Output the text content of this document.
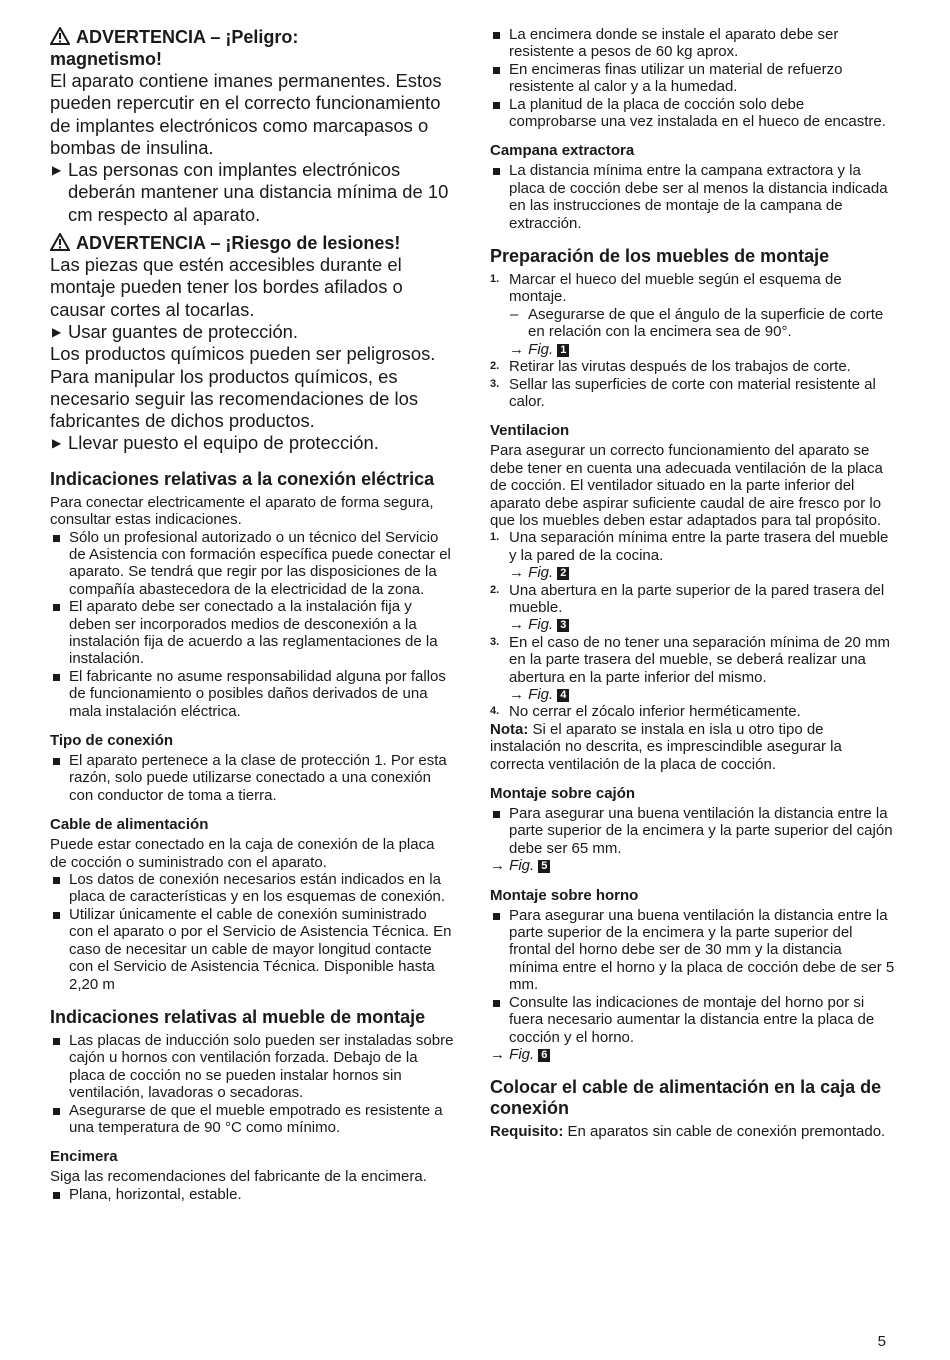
ADVERTENCIA – ¡Peligro:
magnetismo!

El aparato contiene imanes permanentes. Estos pueden repercutir en el correcto funcionamiento de implantes electrónicos como marcapasos o bombas de insulina.

▶ Las personas con implantes electrónicos deberán mantener una distancia mínima de 10 cm respecto al aparato.

ADVERTENCIA – ¡Riesgo de lesiones!

Las piezas que estén accesibles durante el montaje pueden tener los bordes afilados o causar cortes al tocarlas.

▶ Usar guantes de protección.

Los productos químicos pueden ser peligrosos. Para manipular los productos químicos, es necesario seguir las recomendaciones de los fabricantes de dichos productos.

▶ Llevar puesto el equipo de protección.

Indicaciones relativas a la conexión eléctrica

Para conectar electricamente el aparato de forma segura, consultar estas indicaciones.

Sólo un profesional autorizado o un técnico del Servicio de Asistencia con formación específica puede conectar el aparato. Se tendrá que regir por las disposiciones de la compañía abastecedora de la electricidad de la zona.
El aparato debe ser conectado a la instalación fija y deben ser incorporados medios de desconexión a la instalación fija de acuerdo a las reglamentaciones de la instalación.
El fabricante no asume responsabilidad alguna por fallos de funcionamiento o posibles daños derivados de una mala instalación eléctrica.
Tipo de conexión
El aparato pertenece a la clase de protección 1. Por esta razón, solo puede utilizarse conectado a una conexión con conductor de toma a tierra.
Cable de alimentación

Puede estar conectado en la caja de conexión de la placa de cocción o suministrado con el aparato.

Los datos de conexión necesarios están indicados en la placa de características y en los esquemas de conexión.
Utilizar únicamente el cable de conexión suministrado con el aparato o por el Servicio de Asistencia Técnica. En caso de necesitar un cable de mayor longitud contacte con el Servicio de Asistencia Técnica. Disponible hasta 2,20 m
Indicaciones relativas al mueble de montaje
Las placas de inducción solo pueden ser instaladas sobre cajón u hornos con ventilación forzada. Debajo de la placa de cocción no se pueden instalar hornos sin ventilación, lavadoras o secadoras.
Asegurarse de que el mueble empotrado es resistente a una temperatura de 90 °C como mínimo.
Encimera

Siga las recomendaciones del fabricante de la encimera.

Plana, horizontal, estable.
La encimera donde se instale el aparato debe ser resistente a pesos de 60 kg aprox.
En encimeras finas utilizar un material de refuerzo resistente al calor y a la humedad.
La planitud de la placa de cocción solo debe comprobarse una vez instalada en el hueco de encastre.
Campana extractora
La distancia mínima entre la campana extractora y la placa de cocción debe ser al menos la distancia indicada en las instrucciones de montaje de la campana de extracción.
Preparación de los muebles de montaje
1. Marcar el hueco del mueble según el esquema de montaje.

– Asegurarse de que el ángulo de la superficie de corte en relación con la encimera sea de 90°.

→ Fig. 1

2. Retirar las virutas después de los trabajos de corte.
3. Sellar las superficies de corte con material resistente al calor.
Ventilacion

Para asegurar un correcto funcionamiento del aparato se debe tener en cuenta una adecuada ventilación de la placa de cocción. El ventilador situado en la parte inferior del aparato debe aspirar suficiente caudal de aire fresco por lo que los muebles deben estar adaptados para tal propósito.

1. Una separación mínima entre la parte trasera del mueble y la pared de la cocina.

→ Fig. 2

2. Una abertura en la parte superior de la pared trasera del mueble.

→ Fig. 3

3. En el caso de no tener una separación mínima de 20 mm en la parte trasera del mueble, se deberá realizar una abertura en la parte inferior del mismo.

→ Fig. 4

4. No cerrar el zócalo inferior herméticamente.

Nota: Si el aparato se instala en isla u otro tipo de instalación no descrita, es imprescindible asegurar la correcta ventilación de la placa de cocción.

Montaje sobre cajón
Para asegurar una buena ventilación la distancia entre la parte superior de la encimera y la parte superior del cajón debe ser 65 mm.

→ Fig. 5

Montaje sobre horno
Para asegurar una buena ventilación la distancia entre la parte superior de la encimera y la parte superior del frontal del horno debe ser de 30 mm y la distancia mínima entre el horno y la placa de cocción debe de ser 5 mm.
Consulte las indicaciones de montaje del horno por si fuera necesario aumentar la distancia entre la placa de cocción y el horno.

→ Fig. 6

Colocar el cable de alimentación en la caja de conexión

Requisito: En aparatos sin cable de conexión premontado.

5
